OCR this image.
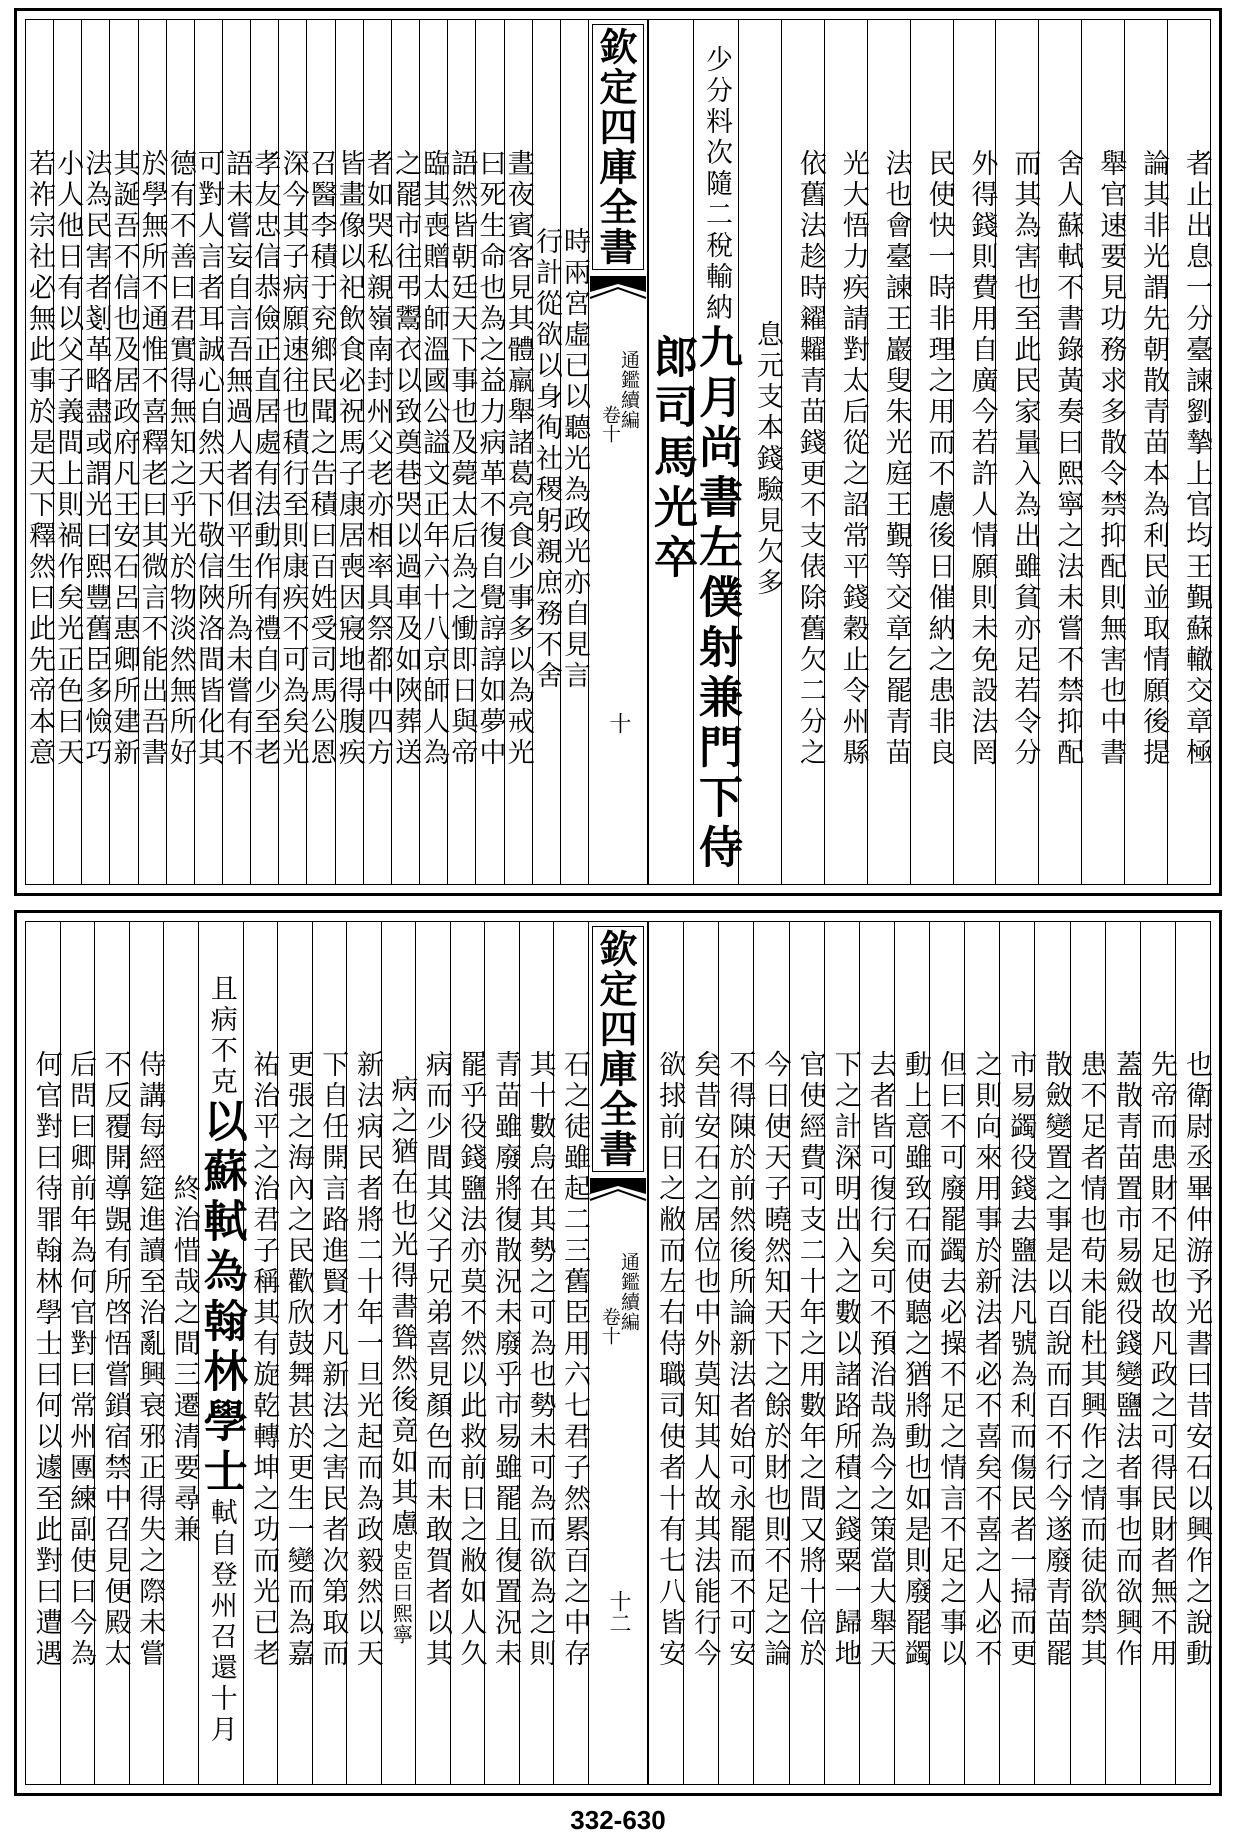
者止出息一分臺諫劉摯上官均王覲蘇轍交章極
論其非光謂先朝散青苗本為利民並取情願後提
舉官速要見功務求多散令禁抑配則無害也中書
舍人蘇軾不書錄黃奏曰熙寧之法未嘗不禁抑配
而其為害也至此民家量入為出雖貧亦足若令分
外得錢則費用自廣今若許人情願則未免設法罔
民使快一時非理之用而不慮後日催納之患非良
法也會臺諫王巖叟朱光庭王覲等交章乞罷青苗
光大悟力疾請對太后從之詔常平錢穀止令州縣
依舊法趁時糴糶青苗錢更不支俵除舊欠二分之
息元支本錢驗見欠多
少分料次隨二稅輸納九月尚書左僕射兼門下侍
郎司馬光卒
欽定四庫全書
通鑑續編
卷十
十
時兩宮虛已以聽光為政光亦自見言
行計從欲以身徇社稷躬親庶務不舍
晝夜賓客見其體羸舉諸葛亮食少事多以為戒光
曰死生命也為之益力病革不復自覺諄諄如夢中
語然皆朝廷天下事也及薨太后為之慟即日與帝
臨其喪贈太師溫國公謚文正年六十八京師人為
之罷市往弔鬻衣以致奠巷哭以過車及如陜葬送
者如哭私親嶺南封州父老亦相率具祭都中四方
皆畫像以祀飲食必祝馬子康居喪因寢地得腹疾
召醫李積于兖鄉民聞之告積曰百姓受司馬公恩
深今其子病願速往也積行至則康疾不可為矣光
孝友忠信恭儉正直居處有法動作有禮自少至老
語未嘗妄自言吾無過人者但平生所為未嘗有不
可對人言者耳誠心自然天下敬信陜洛間皆化其
德有不善曰君實得無知之乎光於物淡然無所好
於學無所不通惟不喜釋老曰其微言不能出吾書
其誕吾不信也及居政府凡王安石呂惠卿所建新
法為民害者剗革略盡或謂光曰熙豐舊臣多憸巧
小人他日有以父子義間上則禍作矣光正色曰天
若祚宗社必無此事於是天下釋然曰此先帝本意
也衛尉丞畢仲游予光書曰昔安石以興作之說動
先帝而患財不足也故凡政之可得民財者無不用
蓋散青苗置市易斂役錢變鹽法者事也而欲興作
患不足者情也苟未能杜其興作之情而徒欲禁其
散斂變置之事是以百說而百不行今遂廢青苗罷
市易蠲役錢去鹽法凡號為利而傷民者一掃而更
之則向來用事於新法者必不喜矣不喜之人必不
但曰不可廢罷蠲去必操不足之情言不足之事以
動上意雖致石而使聽之猶將動也如是則廢罷蠲
去者皆可復行矣可不預治哉為今之策當大舉天
下之計深明出入之數以諸路所積之錢粟一歸地
官使經費可支二十年之用數年之間又將十倍於
今日使天子曉然知天下之餘於財也則不足之論
不得陳於前然後所論新法者始可永罷而不可安
矣昔安石之居位也中外莫知其人故其法能行今
欲捄前日之敝而左右侍職司使者十有七八皆安
欽定四庫全書
通鑑續編
卷十
十二
石之徒雖起二三舊臣用六七君子然累百之中存
其十數烏在其勢之可為也勢未可為而欲為之則
青苗雖廢將復散況未廢乎市易雖罷且復置況未
罷乎役錢鹽法亦莫不然以此救前日之敝如人久
病而少間其父子兄弟喜見顏色而未敢賀者以其
病之猶在也光得書聳然後竟如其慮史臣曰熙寧
新法病民者將二十年一旦光起而為政毅然以天
下自任開言路進賢才凡新法之害民者次第取而
更張之海內之民歡欣鼓舞甚於更生一變而為嘉
祐治平之治君子稱其有旋乾轉坤之功而光已老
且病不克以蘇軾為翰林學士軾自登州召還十月
終治惜哉之間三遷清要尋兼
侍講每經筵進讀至治亂興衰邪正得失之際未嘗
不反覆開導覬有所啓悟嘗鎖宿禁中召見便殿太
后問曰卿前年為何官對曰常州團練副使曰今為
何官對曰待罪翰林學士曰何以遽至此對曰遭遇
332-630
